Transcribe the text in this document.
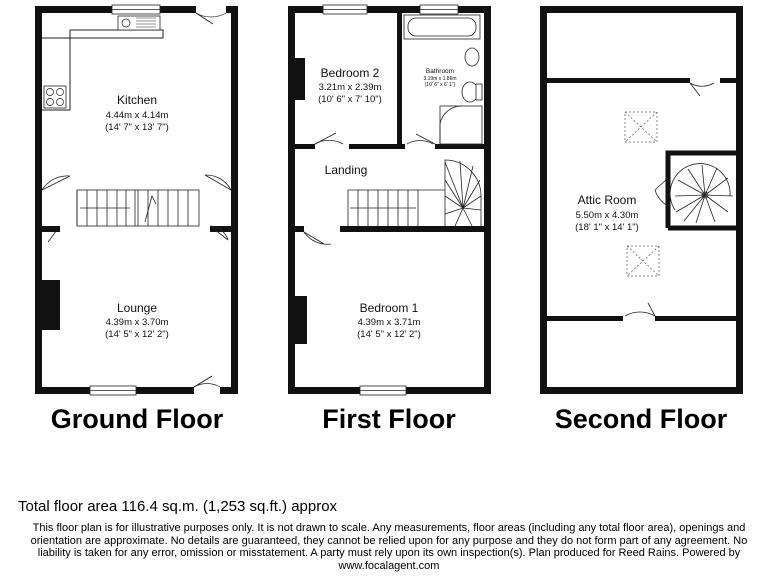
Kitchen
4.44m x 4.14m
(14' 7" x 13' 7")
Lounge
4.39m x 3.70m
(14' 5" x 12' 2")
Bedroom 2
3.21m x 2.39m
(10' 6" x 7' 10")
Bathroom
3.19m x 1.86m
(10' 6" x 6' 1")
Landing
Bedroom 1
4.39m x 3.71m
(14' 5" x 12' 2")
Attic Room
5.50m x 4.30m
(18' 1" x 14' 1")
Ground Floor	First Floor	Second Floor
Total floor area 116.4 sq.m. (1,253 sq.ft.) approx
This floor plan is for illustrative purposes only. It is not drawn to scale. Any measurements, floor areas (including any total floor area), openings and orientation are approximate. No details are guaranteed, they cannot be relied upon for any purpose and they do not form part of any agreement. No liability is taken for any error, omission or misstatement. A party must rely upon its own inspection(s). Plan produced for Reed Rains. Powered by www.focalagent.com
